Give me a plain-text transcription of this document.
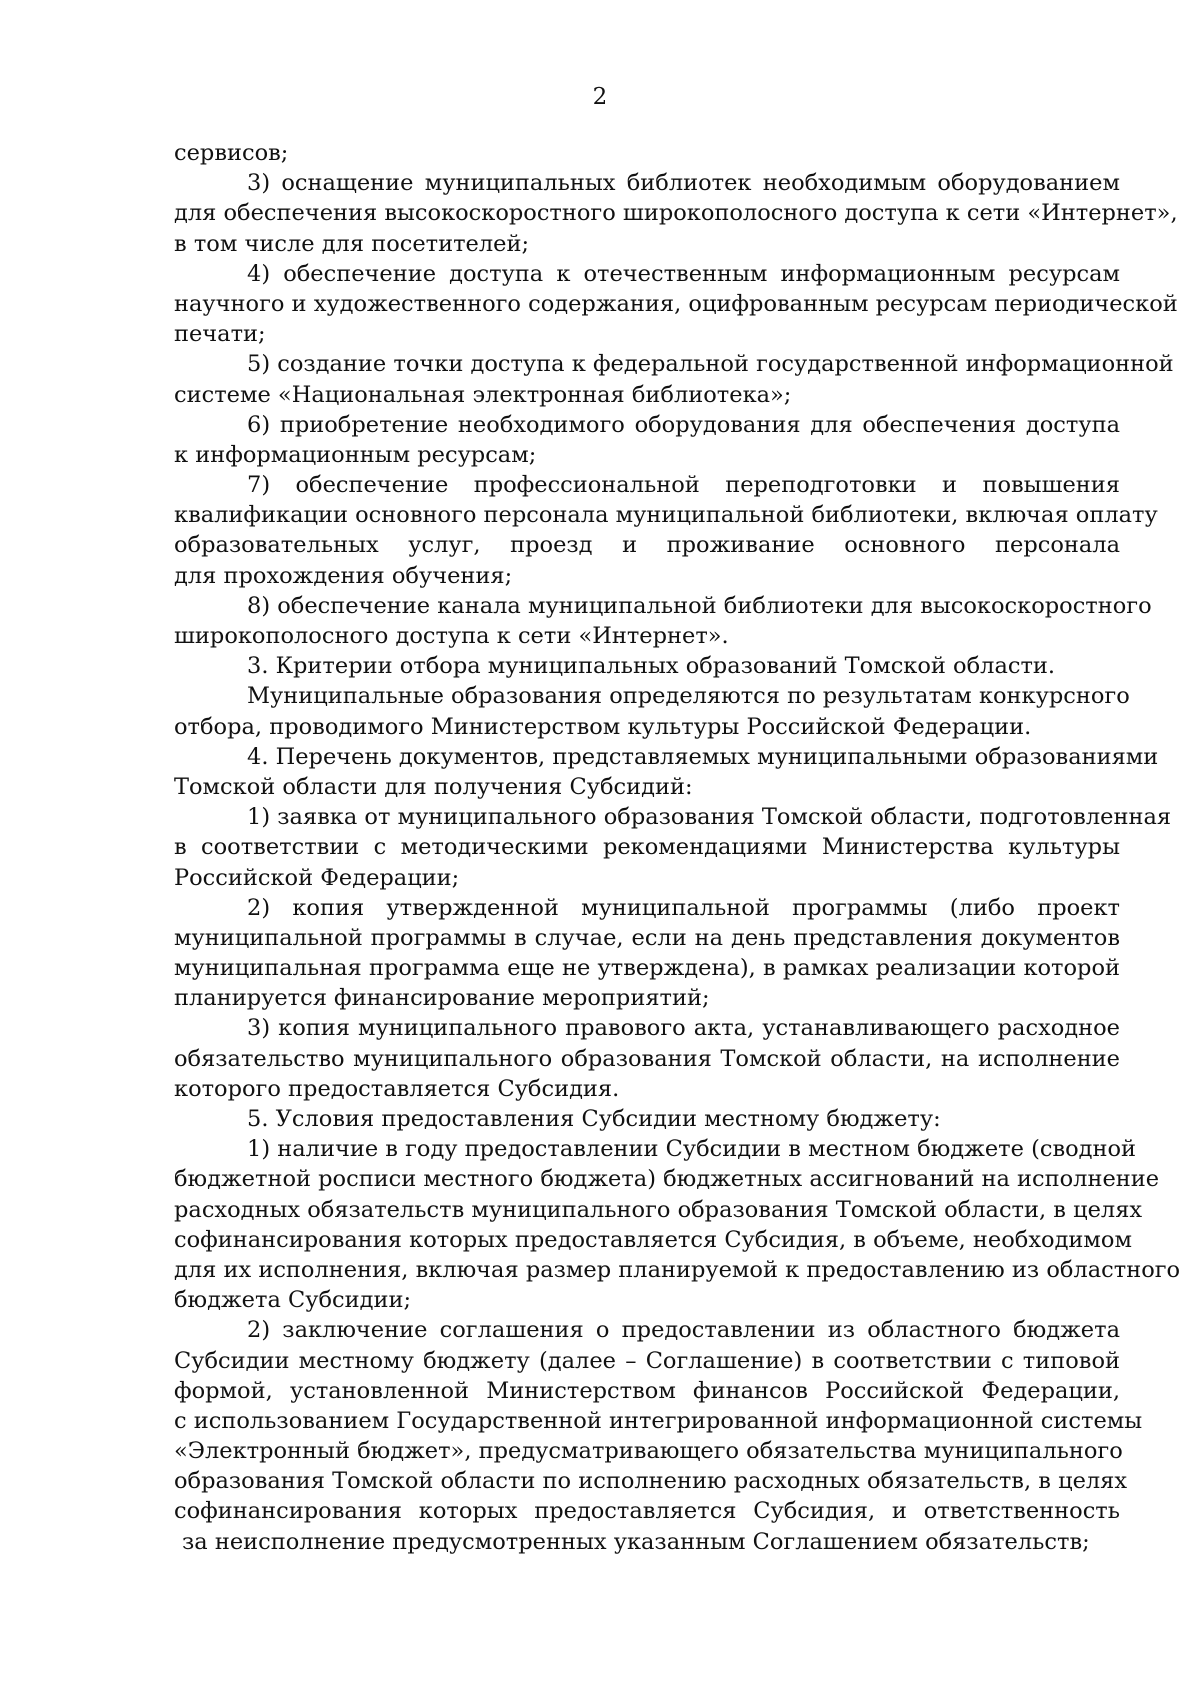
2
сервисов;
3) оснащение муниципальных библиотек необходимым оборудованием
для обеспечения высокоскоростного широкополосного доступа к сети «Интернет»,
в том числе для посетителей;
4) обеспечение доступа к отечественным информационным ресурсам
научного и художественного содержания, оцифрованным ресурсам периодической
печати;
5) создание точки доступа к федеральной государственной информационной
системе «Национальная электронная библиотека»;
6) приобретение необходимого оборудования для обеспечения доступа
к информационным ресурсам;
7) обеспечение профессиональной переподготовки и повышения
квалификации основного персонала муниципальной библиотеки, включая оплату
образовательных услуг, проезд и проживание основного персонала
для прохождения обучения;
8) обеспечение канала муниципальной библиотеки для высокоскоростного
широкополосного доступа к сети «Интернет».
3. Критерии отбора муниципальных образований Томской области.
Муниципальные образования определяются по результатам конкурсного
отбора, проводимого Министерством культуры Российской Федерации.
4. Перечень документов, представляемых муниципальными образованиями
Томской области для получения Субсидий:
1) заявка от муниципального образования Томской области, подготовленная
в соответствии с методическими рекомендациями Министерства культуры
Российской Федерации;
2) копия утвержденной муниципальной программы (либо проект
муниципальной программы в случае, если на день представления документов
муниципальная программа еще не утверждена), в рамках реализации которой
планируется финансирование мероприятий;
3) копия муниципального правового акта, устанавливающего расходное
обязательство муниципального образования Томской области, на исполнение
которого предоставляется Субсидия.
5. Условия предоставления Субсидии местному бюджету:
1) наличие в году предоставлении Субсидии в местном бюджете (сводной
бюджетной росписи местного бюджета) бюджетных ассигнований на исполнение
расходных обязательств муниципального образования Томской области, в целях
софинансирования которых предоставляется Субсидия, в объеме, необходимом
для их исполнения, включая размер планируемой к предоставлению из областного
бюджета Субсидии;
2) заключение соглашения о предоставлении из областного бюджета
Субсидии местному бюджету (далее – Соглашение) в соответствии с типовой
формой, установленной Министерством финансов Российской Федерации,
с использованием Государственной интегрированной информационной системы
«Электронный бюджет», предусматривающего обязательства муниципального
образования Томской области по исполнению расходных обязательств, в целях
софинансирования которых предоставляется Субсидия, и ответственность
за неисполнение предусмотренных указанным Соглашением обязательств;
